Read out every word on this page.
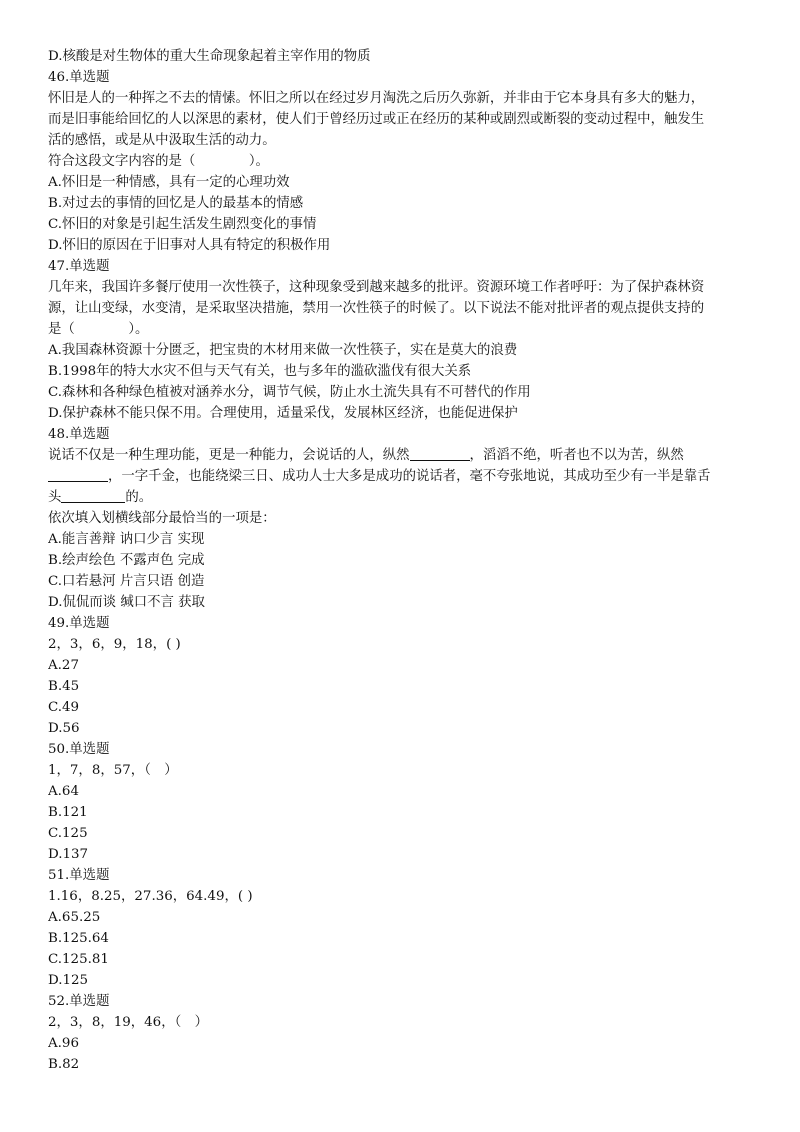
D.核酸是对生物体的重大生命现象起着主宰作用的物质
46.单选题
怀旧是人的一种挥之不去的情愫。怀旧之所以在经过岁月淘洗之后历久弥新，并非由于它本身具有多大的魅力，
而是旧事能给回忆的人以深思的素材，使人们于曾经历过或正在经历的某种或剧烈或断裂的变动过程中，触发生
活的感悟，或是从中汲取生活的动力。
符合这段文字内容的是（　　　　）。
A.怀旧是一种情感，具有一定的心理功效
B.对过去的事情的回忆是人的最基本的情感
C.怀旧的对象是引起生活发生剧烈变化的事情
D.怀旧的原因在于旧事对人具有特定的积极作用
47.单选题
几年来，我国许多餐厅使用一次性筷子，这种现象受到越来越多的批评。资源环境工作者呼吁：为了保护森林资
源，让山变绿，水变清，是采取坚决措施，禁用一次性筷子的时候了。以下说法不能对批评者的观点提供支持的
是（　　　　）。
A.我国森林资源十分匮乏，把宝贵的木材用来做一次性筷子，实在是莫大的浪费
B.1998年的特大水灾不但与天气有关，也与多年的滥砍滥伐有很大关系
C.森林和各种绿色植被对涵养水分，调节气候，防止水土流失具有不可替代的作用
D.保护森林不能只保不用。合理使用，适量采伐，发展林区经济，也能促进保护
48.单选题
说话不仅是一种生理功能，更是一种能力，会说话的人，纵然	，滔滔不绝，听者也不以为苦，纵然
，一字千金，也能绕梁三日、成功人士大多是成功的说话者，毫不夸张地说，其成功至少有一半是靠舌
头	的。
依次填入划横线部分最恰当的一项是：
A.能言善辩 讷口少言 实现
B.绘声绘色 不露声色 完成
C.口若悬河 片言只语 创造
D.侃侃而谈 缄口不言 获取
49.单选题
2，3，6，9，18，( )
A.27
B.45
C.49
D.56
50.单选题
1，7，8，57，（　）
A.64
B.121
C.125
D.137
51.单选题
1.16，8.25，27.36，64.49，( )
A.65.25
B.125.64
C.125.81
D.125
52.单选题
2，3，8，19，46，（　）
A.96
B.82
